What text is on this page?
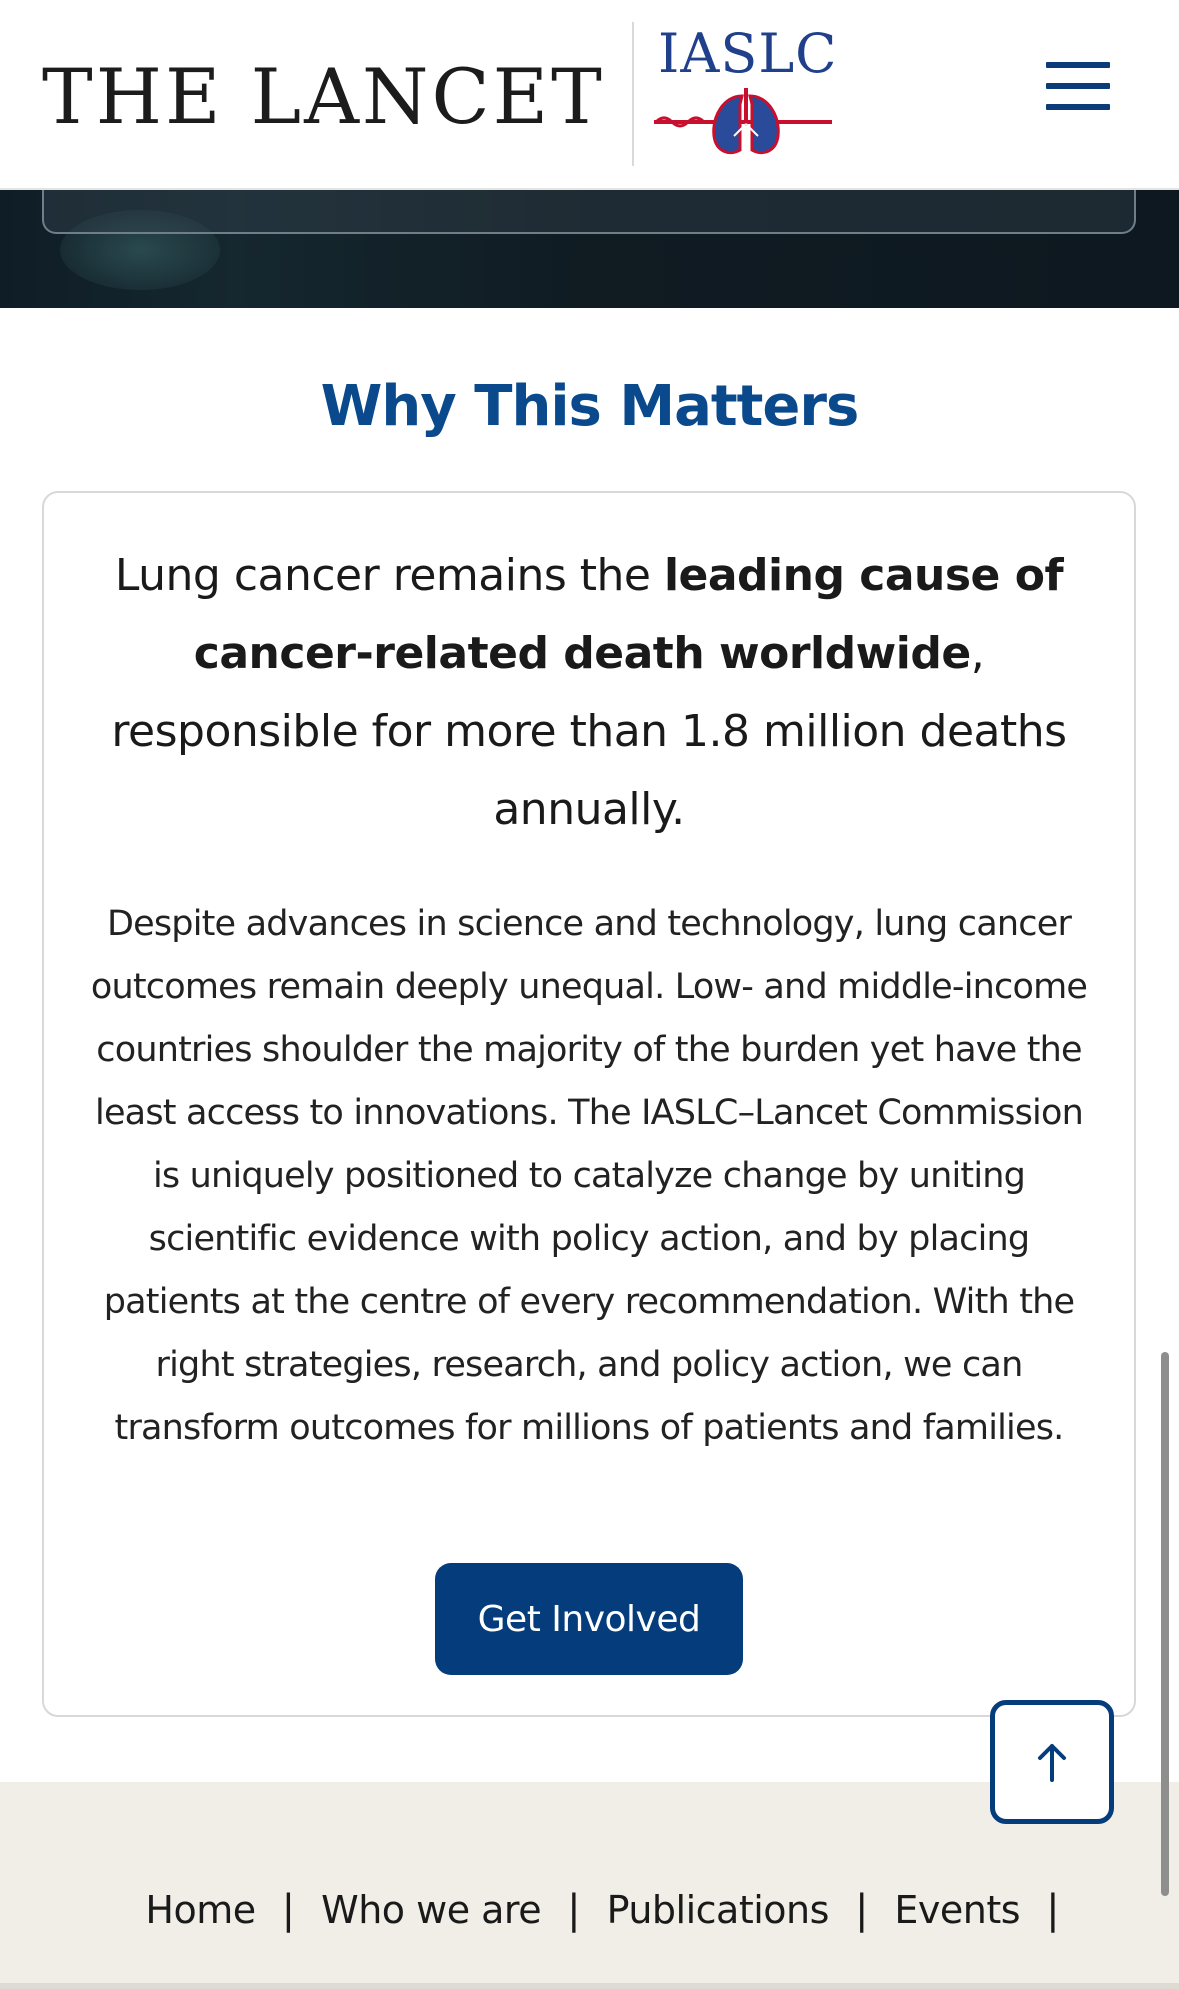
THE LANCET IASLC
Why This Matters

Lung cancer remains the leading cause of cancer-related death worldwide, responsible for more than 1.8 million deaths annually.

Despite advances in science and technology, lung cancer outcomes remain deeply unequal. Low- and middle-income countries shoulder the majority of the burden yet have the least access to innovations. The IASLC–Lancet Commission is uniquely positioned to catalyze change by uniting scientific evidence with policy action, and by placing patients at the centre of every recommendation. With the right strategies, research, and policy action, we can transform outcomes for millions of patients and families.

Get Involved
Home | Who we are | Publications | Events |
